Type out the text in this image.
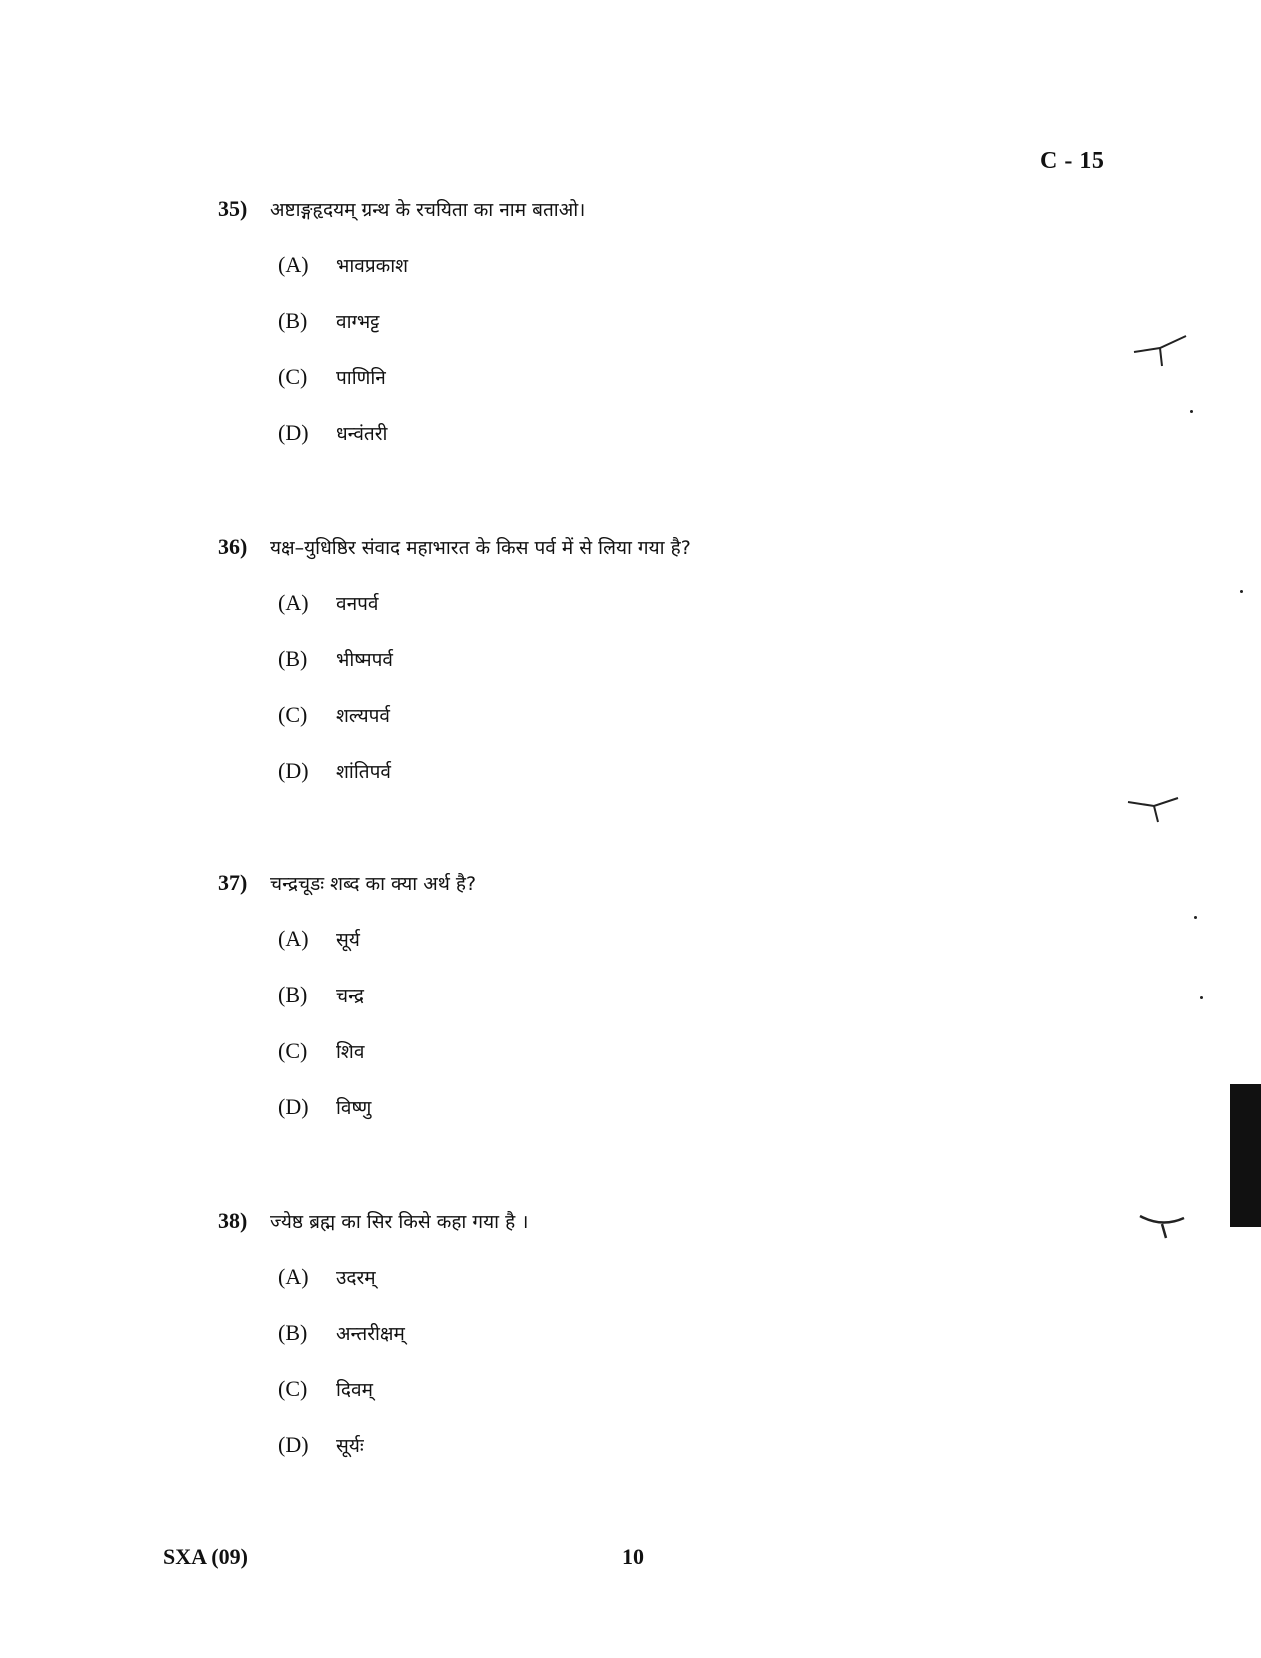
C - 15
35)	अष्टाङ्गहृदयम् ग्रन्थ के रचयिता का नाम बताओ।
(A)	भावप्रकाश
(B)	वाग्भट्ट
(C)	पाणिनि
(D)	धन्वंतरी
36)	यक्ष–युधिष्ठिर संवाद महाभारत के किस पर्व में से लिया गया है?
(A)	वनपर्व
(B)	भीष्मपर्व
(C)	शल्यपर्व
(D)	शांतिपर्व
37)	चन्द्रचूडः शब्द का क्या अर्थ है?
(A)	सूर्य
(B)	चन्द्र
(C)	शिव
(D)	विष्णु
38)	ज्येष्ठ ब्रह्म का सिर किसे कहा गया है ।
(A)	उदरम्
(B)	अन्तरीक्षम्
(C)	दिवम्
(D)	सूर्यः
SXA (09)	10
